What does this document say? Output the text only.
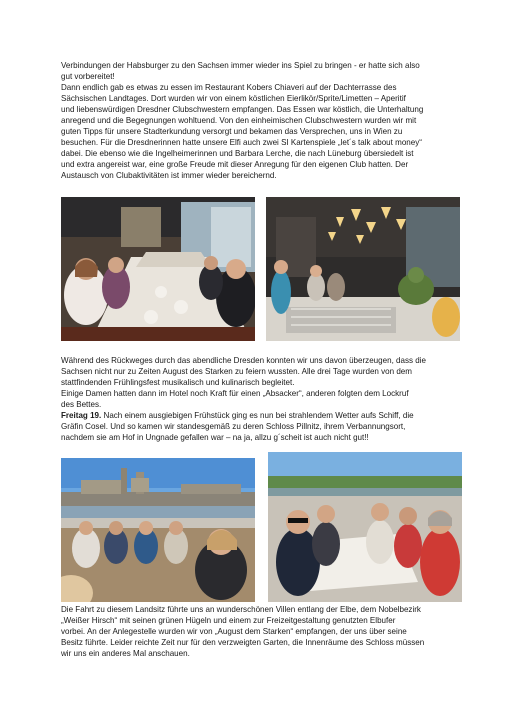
Verbindungen der Habsburger zu den Sachsen immer wieder ins Spiel zu bringen - er hatte sich also
gut vorbereitet!
Dann endlich gab es etwas zu essen im Restaurant Kobers Chiaveri auf der Dachterrasse des
Sächsischen Landtages. Dort wurden wir von einem köstlichen Eierlikör/Sprite/Limetten – Aperitif
und liebenswürdigen Dresdner Clubschwestern empfangen. Das Essen war köstlich, die Unterhaltung
anregend und die Begegnungen wohltuend. Von den einheimischen Clubschwestern wurden wir mit
guten Tipps für unsere Stadterkundung versorgt und bekamen das Versprechen, uns in Wien zu
besuchen. Für die Dresdnerinnen hatte unsere Elfi auch zwei SI Kartenspiele „let´s talk about money“
dabei. Die ebenso wie die Ingelheimerinnen und Barbara Lerche, die nach Lüneburg übersiedelt ist
und extra angereist war, eine große Freude mit dieser Anregung für den eigenen Club hatten. Der
Austausch von Clubaktivitäten ist immer wieder bereichernd.
Während des Rückweges durch das abendliche Dresden konnten wir uns davon überzeugen, dass die
Sachsen nicht nur zu Zeiten August des Starken zu feiern wussten. Alle drei Tage wurden von dem
stattfindenden Frühlingsfest musikalisch und kulinarisch begleitet.
Einige Damen hatten dann im Hotel noch Kraft für einen „Absacker“, anderen folgten dem Lockruf
des Bettes.
Freitag 19. Nach einem ausgiebigen Frühstück ging es nun bei strahlendem Wetter aufs Schiff, die
Gräfin Cosel. Und so kamen wir standesgemäß zu deren Schloss Pillnitz, ihrem Verbannungsort,
nachdem sie am Hof in Ungnade gefallen war – na ja, allzu g´scheit ist auch nicht gut!!
Die Fahrt zu diesem Landsitz führte uns an wunderschönen Villen entlang der Elbe, dem Nobelbezirk
„Weißer Hirsch“ mit seinen grünen Hügeln und einem zur Freizeitgestaltung genutzten Elbufer
vorbei. An der Anlegestelle wurden wir von „August dem Starken“ empfangen, der uns über seine
Besitz führte. Leider reichte Zeit nur für den verzweigten Garten, die Innenräume des Schloss müssen
wir uns ein anderes Mal anschauen.
